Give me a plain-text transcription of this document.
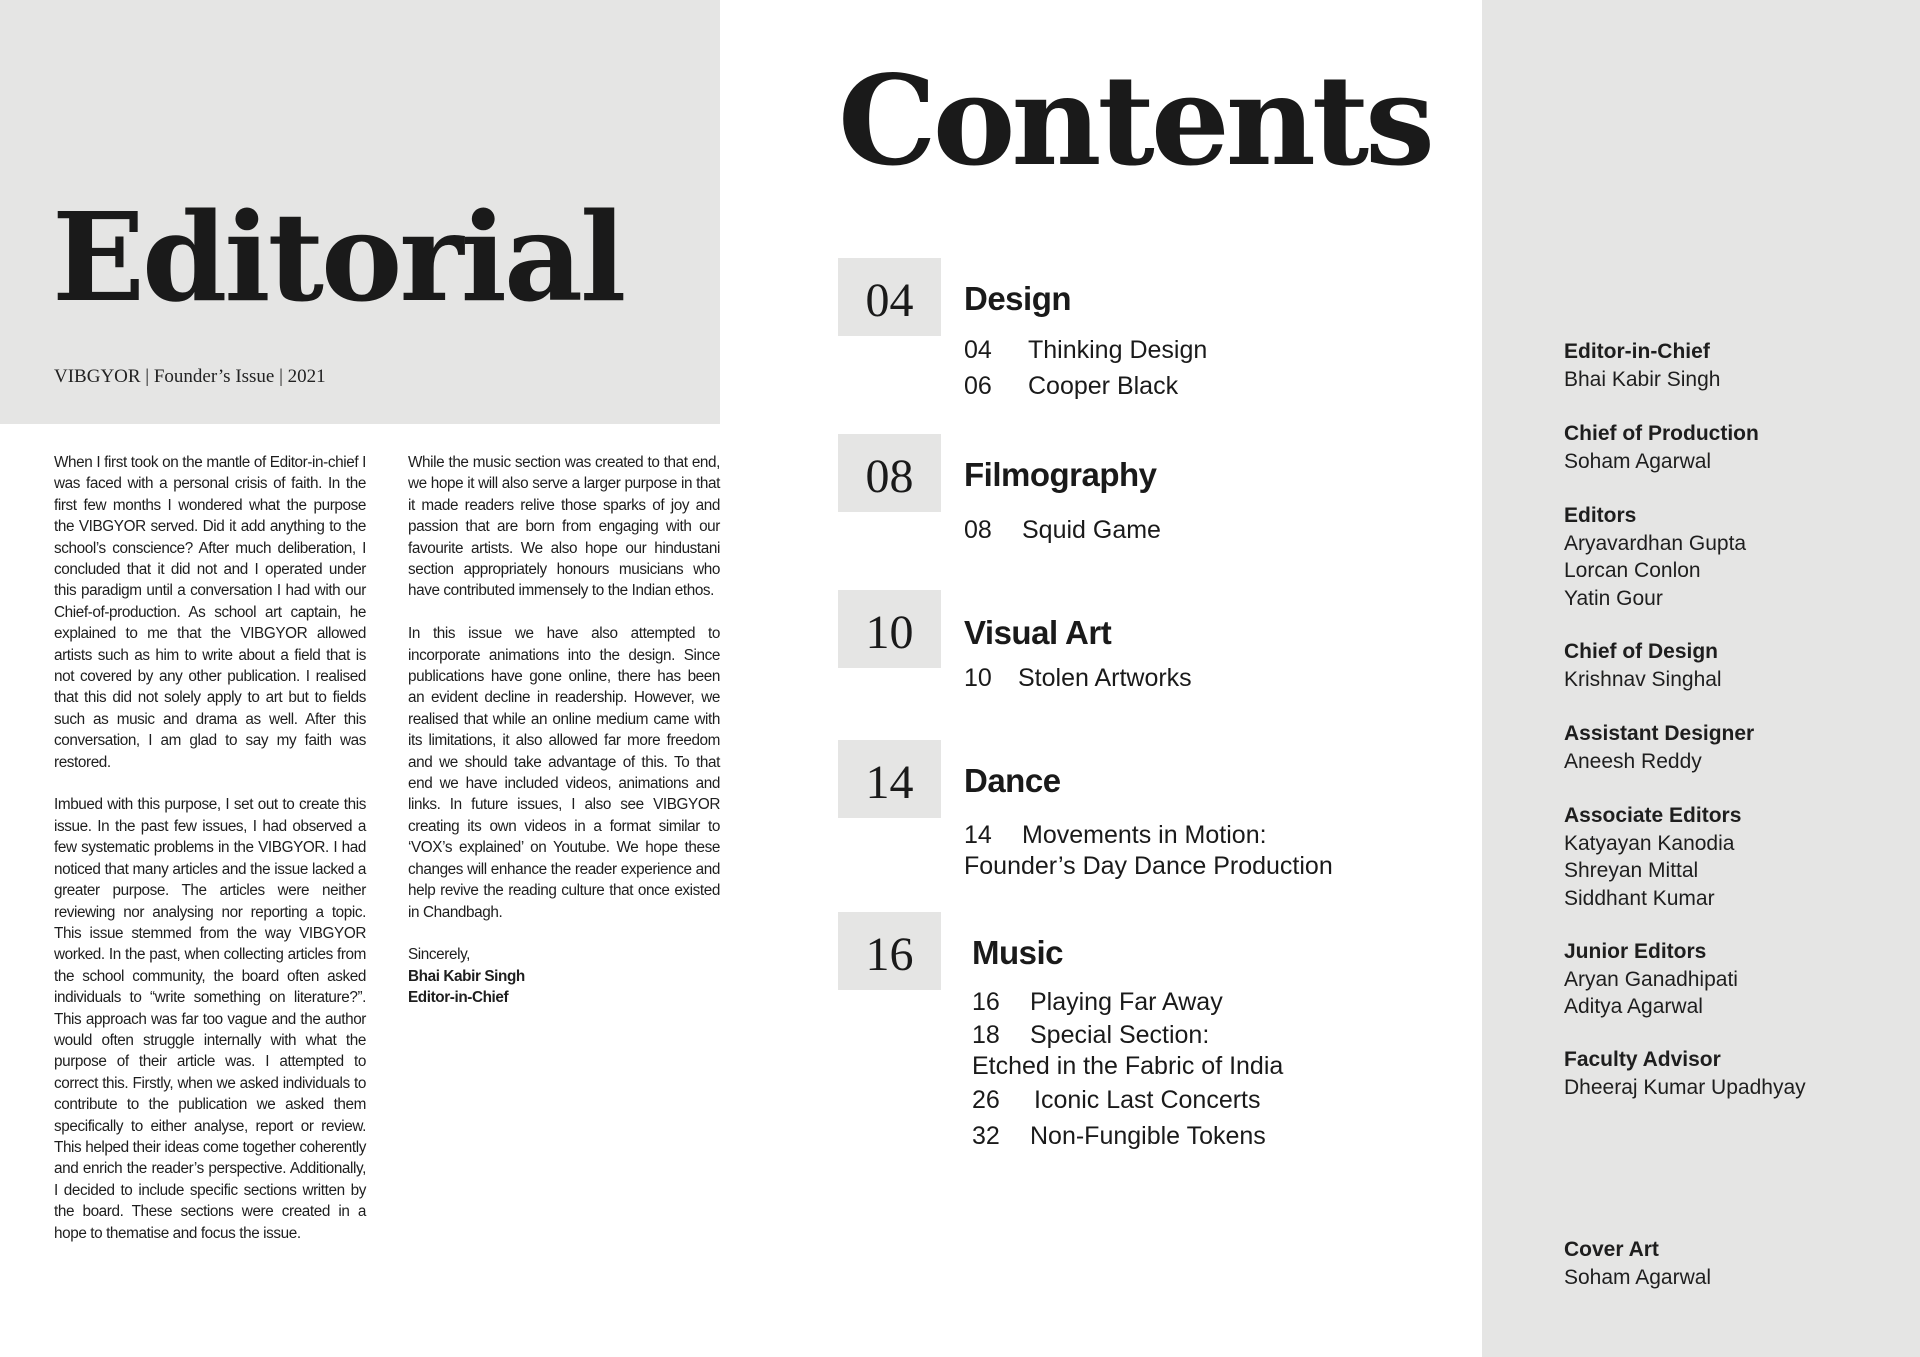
Editorial
VIBGYOR | Founder’s Issue | 2021

When I first took on the mantle of Editor-in-chief I was faced with a personal crisis of faith. In the first few months I wondered what the purpose the VIBGYOR served. Did it add anything to the school’s conscience? After much deliberation, I concluded that it did not and I operated under this paradigm until a conversation I had with our Chief-of-production. As school art captain, he explained to me that the VIBGYOR allowed artists such as him to write about a field that is not covered by any other publication. I realised that this did not solely apply to art but to fields such as music and drama as well. After this conversation, I am glad to say my faith was restored.

Imbued with this purpose, I set out to create this issue. In the past few issues, I had observed a few systematic problems in the VIBGYOR. I had noticed that many articles and the issue lacked a greater purpose. The articles were neither reviewing nor analysing nor reporting a topic. This issue stemmed from the way VIBGYOR worked. In the past, when collecting articles from the school community, the board often asked individuals to “write something on literature?”. This approach was far too vague and the author would often struggle internally with what the purpose of their article was. I attempted to correct this. Firstly, when we asked individuals to contribute to the publication we asked them specifically to either analyse, report or review. This helped their ideas come together coherently and enrich the reader’s perspective. Additionally, I decided to include specific sections written by the board. These sections were created in a hope to thematise and focus the issue.

While the music section was created to that end, we hope it will also serve a larger purpose in that it made readers relive those sparks of joy and passion that are born from engaging with our favourite artists. We also hope our hindustani section appropriately honours musicians who have contributed immensely to the Indian ethos.

In this issue we have also attempted to incorporate animations into the design. Since publications have gone online, there has been an evident decline in readership. However, we realised that while an online medium came with its limitations, it also allowed far more freedom and we should take advantage of this. To that end we have included videos, animations and links. In future issues, I also see VIBGYOR creating its own videos in a format similar to ‘VOX’s explained’ on Youtube. We hope these changes will enhance the reader experience and help revive the reading culture that once existed in Chandbagh.

Sincerely,
Bhai Kabir Singh
Editor-in-Chief
Contents
04	Design
04	Thinking Design
06	Cooper Black
08	Filmography
08	Squid Game
10	Visual Art
10	Stolen Artworks
14	Dance
14 Movements in Motion:
Founder’s Day Dance Production
16	Music
16	Playing Far Away
18 Special Section:
Etched in the Fabric of India
26	Iconic Last Concerts
32	Non-Fungible Tokens
Editor-in-Chief
Bhai Kabir Singh
Chief of Production
Soham Agarwal
Editors
Aryavardhan Gupta
Lorcan Conlon
Yatin Gour
Chief of Design
Krishnav Singhal
Assistant Designer
Aneesh Reddy
Associate Editors
Katyayan Kanodia
Shreyan Mittal
Siddhant Kumar
Junior Editors
Aryan Ganadhipati
Aditya Agarwal
Faculty Advisor
Dheeraj Kumar Upadhyay
Cover Art
Soham Agarwal
